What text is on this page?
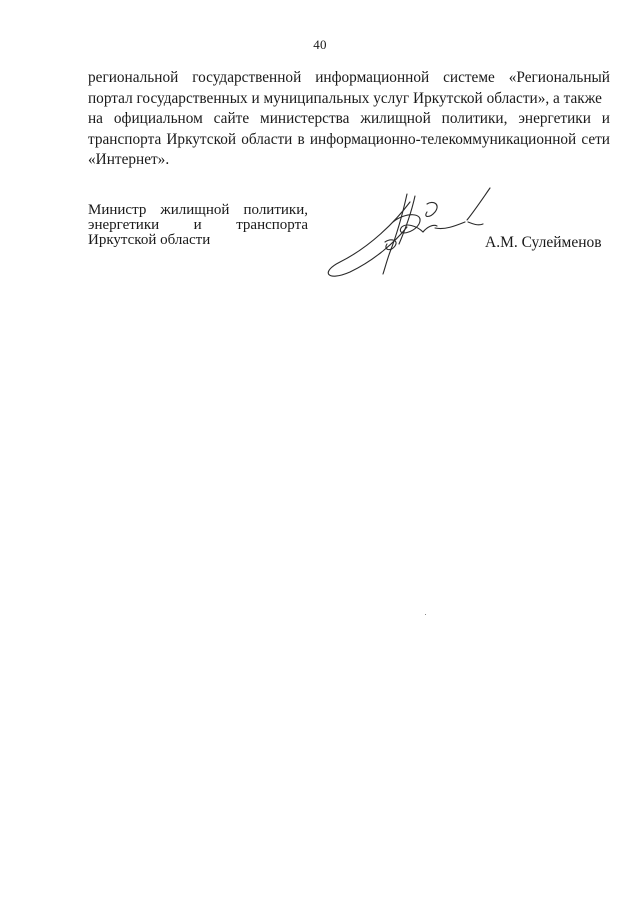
40
региональной государственной информационной системе «Региональный
портал государственных и муниципальных услуг Иркутской области», а также
на официальном сайте министерства жилищной политики, энергетики и
транспорта Иркутской области в информационно-телекоммуникационной сети
«Интернет».
Министр жилищной политики,
энергетики и транспорта
Иркутской области	А.М. Сулейменов
